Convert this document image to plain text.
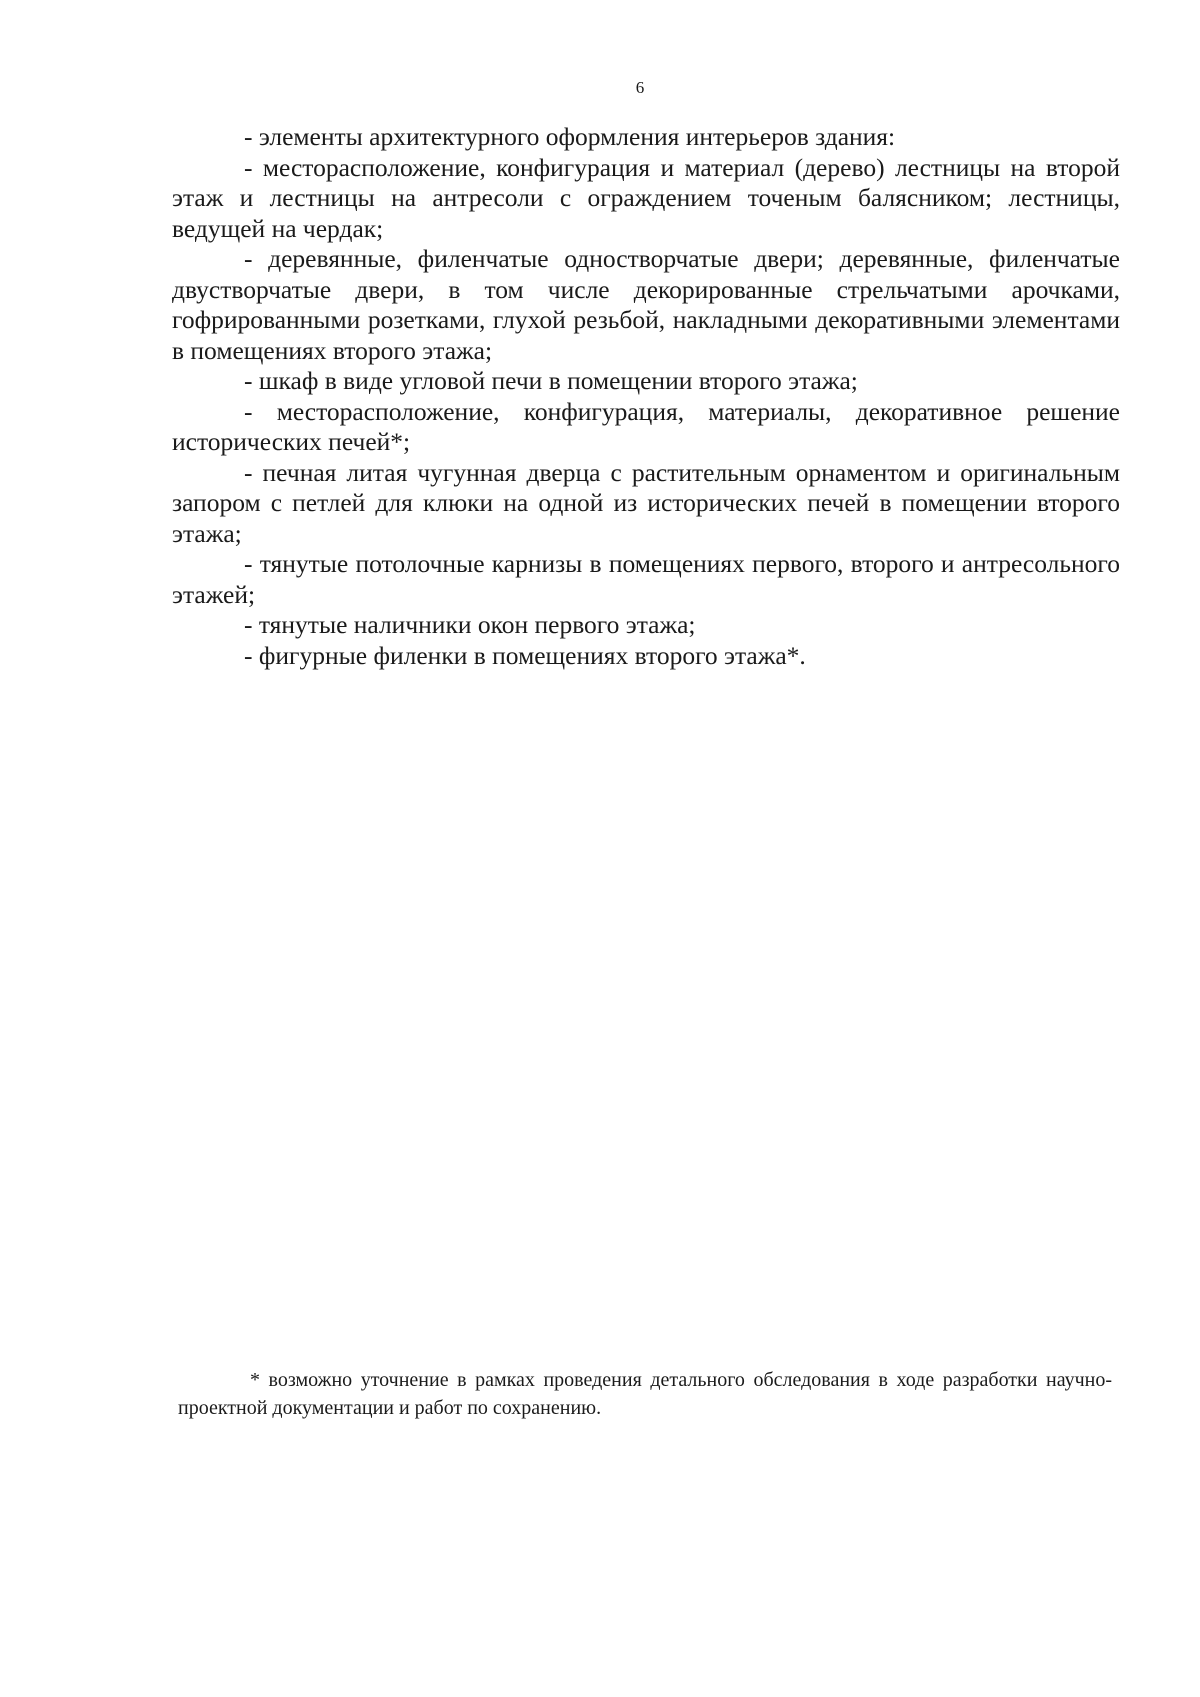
6

- элементы архитектурного оформления интерьеров здания:

- месторасположение, конфигурация и материал (дерево) лестницы на второй этаж и лестницы на антресоли с ограждением точеным балясником; лестницы, ведущей на чердак;

- деревянные, филенчатые одностворчатые двери; деревянные, филенчатые двустворчатые двери, в том числе декорированные стрельчатыми арочками, гофрированными розетками, глухой резьбой, накладными декоративными элементами в помещениях второго этажа;

- шкаф в виде угловой печи в помещении второго этажа;

- месторасположение, конфигурация, материалы, декоративное решение исторических печей*;

- печная литая чугунная дверца с растительным орнаментом и оригинальным запором с петлей для клюки на одной из исторических печей в помещении второго этажа;

- тянутые потолочные карнизы в помещениях первого, второго и антресольного этажей;

- тянутые наличники окон первого этажа;

- фигурные филенки в помещениях второго этажа*.

* возможно уточнение в рамках проведения детального обследования в ходе разработки научно-проектной документации и работ по сохранению.
